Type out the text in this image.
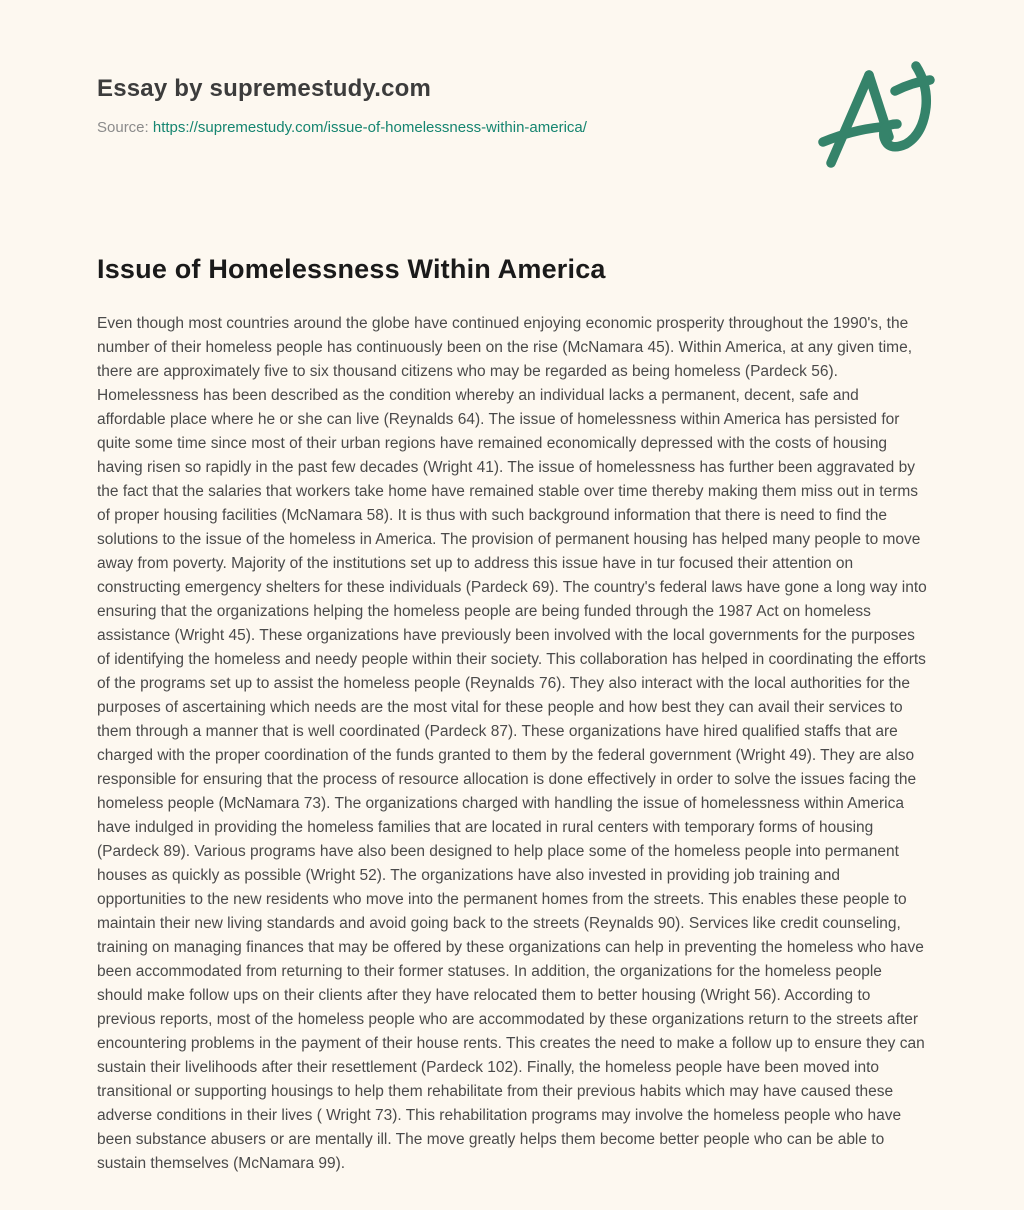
Essay by supremestudy.com

Source: https://supremestudy.com/issue-of-homelessness-within-america/

Issue of Homelessness Within America

Even though most countries around the globe have continued enjoying economic prosperity throughout the 1990's, the number of their homeless people has continuously been on the rise (McNamara 45). Within America, at any given time, there are approximately five to six thousand citizens who may be regarded as being homeless (Pardeck 56). Homelessness has been described as the condition whereby an individual lacks a permanent, decent, safe and affordable place where he or she can live (Reynalds 64). The issue of homelessness within America has persisted for quite some time since most of their urban regions have remained economically depressed with the costs of housing having risen so rapidly in the past few decades (Wright 41). The issue of homelessness has further been aggravated by the fact that the salaries that workers take home have remained stable over time thereby making them miss out in terms of proper housing facilities (McNamara 58). It is thus with such background information that there is need to find the solutions to the issue of the homeless in America. The provision of permanent housing has helped many people to move away from poverty. Majority of the institutions set up to address this issue have in tur focused their attention on constructing emergency shelters for these individuals (Pardeck 69). The country's federal laws have gone a long way into ensuring that the organizations helping the homeless people are being funded through the 1987 Act on homeless assistance (Wright 45). These organizations have previously been involved with the local governments for the purposes of identifying the homeless and needy people within their society. This collaboration has helped in coordinating the efforts of the programs set up to assist the homeless people (Reynalds 76). They also interact with the local authorities for the purposes of ascertaining which needs are the most vital for these people and how best they can avail their services to them through a manner that is well coordinated (Pardeck 87). These organizations have hired qualified staffs that are charged with the proper coordination of the funds granted to them by the federal government (Wright 49). They are also responsible for ensuring that the process of resource allocation is done effectively in order to solve the issues facing the homeless people (McNamara 73). The organizations charged with handling the issue of homelessness within America have indulged in providing the homeless families that are located in rural centers with temporary forms of housing (Pardeck 89). Various programs have also been designed to help place some of the homeless people into permanent houses as quickly as possible (Wright 52). The organizations have also invested in providing job training and opportunities to the new residents who move into the permanent homes from the streets. This enables these people to maintain their new living standards and avoid going back to the streets (Reynalds 90). Services like credit counseling, training on managing finances that may be offered by these organizations can help in preventing the homeless who have been accommodated from returning to their former statuses. In addition, the organizations for the homeless people should make follow ups on their clients after they have relocated them to better housing (Wright 56). According to previous reports, most of the homeless people who are accommodated by these organizations return to the streets after encountering problems in the payment of their house rents. This creates the need to make a follow up to ensure they can sustain their livelihoods after their resettlement (Pardeck 102). Finally, the homeless people have been moved into transitional or supporting housings to help them rehabilitate from their previous habits which may have caused these adverse conditions in their lives ( Wright 73). This rehabilitation programs may involve the homeless people who have been substance abusers or are mentally ill. The move greatly helps them become better people who can be able to sustain themselves (McNamara 99).
